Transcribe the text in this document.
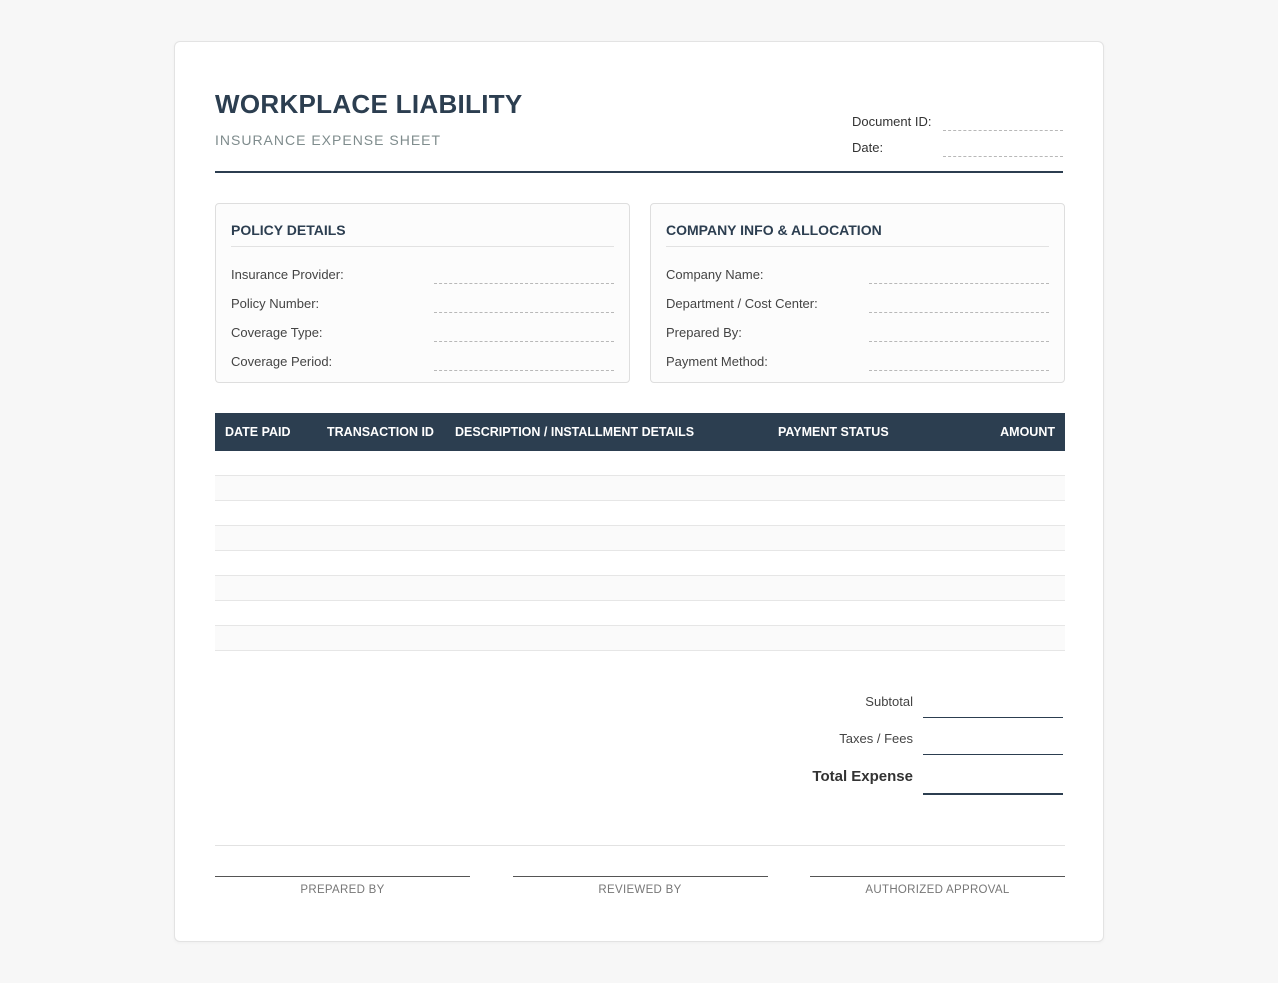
WORKPLACE LIABILITY
INSURANCE EXPENSE SHEET
Document ID:
Date:
POLICY DETAILS
Insurance Provider:
Policy Number:
Coverage Type:
Coverage Period:
COMPANY INFO & ALLOCATION
Company Name:
Department / Cost Center:
Prepared By:
Payment Method:
DATE PAID	TRANSACTION ID	DESCRIPTION / INSTALLMENT DETAILS	PAYMENT STATUS	AMOUNT
Subtotal
Taxes / Fees
Total Expense
PREPARED BY	REVIEWED BY	AUTHORIZED APPROVAL
